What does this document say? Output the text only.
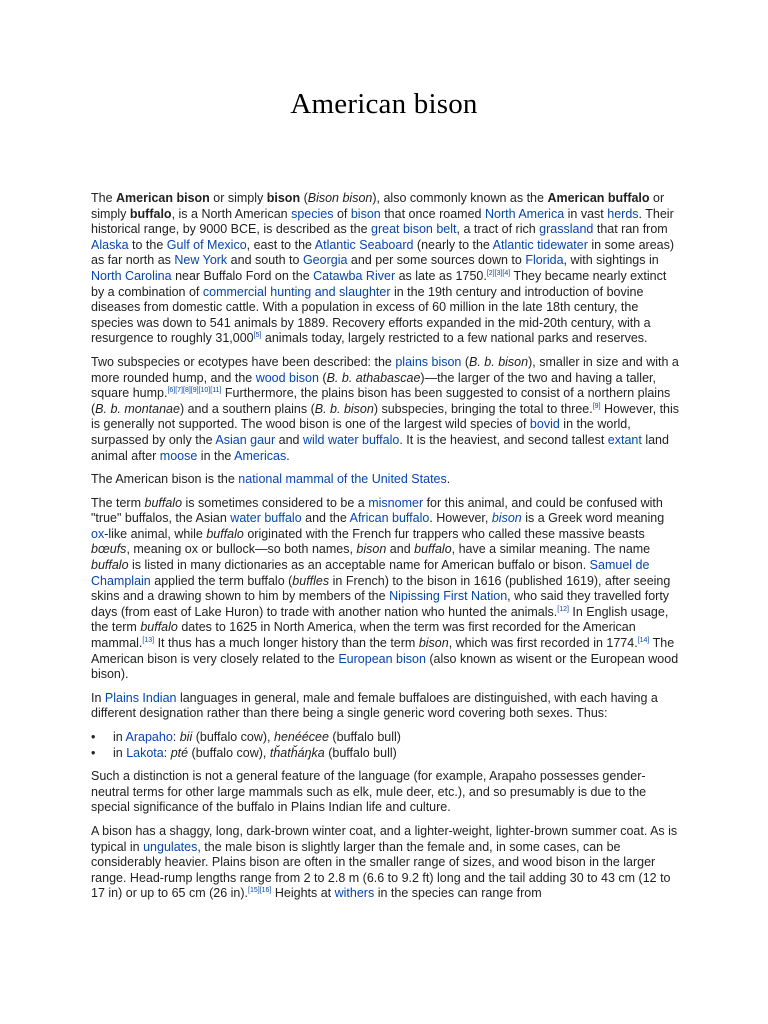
American bison

The American bison or simply bison (Bison bison), also commonly known as the American buffalo or simply buffalo, is a North American species of bison that once roamed North America in vast herds. Their historical range, by 9000 BCE, is described as the great bison belt, a tract of rich grassland that ran from Alaska to the Gulf of Mexico, east to the Atlantic Seaboard (nearly to the Atlantic tidewater in some areas) as far north as New York and south to Georgia and per some sources down to Florida, with sightings in North Carolina near Buffalo Ford on the Catawba River as late as 1750.[2][3][4] They became nearly extinct by a combination of commercial hunting and slaughter in the 19th century and introduction of bovine diseases from domestic cattle. With a population in excess of 60 million in the late 18th century, the species was down to 541 animals by 1889. Recovery efforts expanded in the mid-20th century, with a resurgence to roughly 31,000[5] animals today, largely restricted to a few national parks and reserves.

Two subspecies or ecotypes have been described: the plains bison (B. b. bison), smaller in size and with a more rounded hump, and the wood bison (B. b. athabascae)—the larger of the two and having a taller, square hump.[6][7][8][9][10][11] Furthermore, the plains bison has been suggested to consist of a northern plains (B. b. montanae) and a southern plains (B. b. bison) subspecies, bringing the total to three.[9] However, this is generally not supported. The wood bison is one of the largest wild species of bovid in the world, surpassed by only the Asian gaur and wild water buffalo. It is the heaviest, and second tallest extant land animal after moose in the Americas.

The American bison is the national mammal of the United States.

The term buffalo is sometimes considered to be a misnomer for this animal, and could be confused with "true" buffalos, the Asian water buffalo and the African buffalo. However, bison is a Greek word meaning ox-like animal, while buffalo originated with the French fur trappers who called these massive beasts bœufs, meaning ox or bullock—so both names, bison and buffalo, have a similar meaning. The name buffalo is listed in many dictionaries as an acceptable name for American buffalo or bison. Samuel de Champlain applied the term buffalo (buffles in French) to the bison in 1616 (published 1619), after seeing skins and a drawing shown to him by members of the Nipissing First Nation, who said they travelled forty days (from east of Lake Huron) to trade with another nation who hunted the animals.[12] In English usage, the term buffalo dates to 1625 in North America, when the term was first recorded for the American mammal.[13] It thus has a much longer history than the term bison, which was first recorded in 1774.[14] The American bison is very closely related to the European bison (also known as wisent or the European wood bison).

In Plains Indian languages in general, male and female buffaloes are distinguished, with each having a different designation rather than there being a single generic word covering both sexes. Thus:

• in Arapaho: bii (buffalo cow), henéécee (buffalo bull)
• in Lakota: pté (buffalo cow), tȟatȟáŋka (buffalo bull)

Such a distinction is not a general feature of the language (for example, Arapaho possesses gender-neutral terms for other large mammals such as elk, mule deer, etc.), and so presumably is due to the special significance of the buffalo in Plains Indian life and culture.

A bison has a shaggy, long, dark-brown winter coat, and a lighter-weight, lighter-brown summer coat. As is typical in ungulates, the male bison is slightly larger than the female and, in some cases, can be considerably heavier. Plains bison are often in the smaller range of sizes, and wood bison in the larger range. Head-rump lengths range from 2 to 2.8 m (6.6 to 9.2 ft) long and the tail adding 30 to 43 cm (12 to 17 in) or up to 65 cm (26 in).[15][16] Heights at withers in the species can range from
